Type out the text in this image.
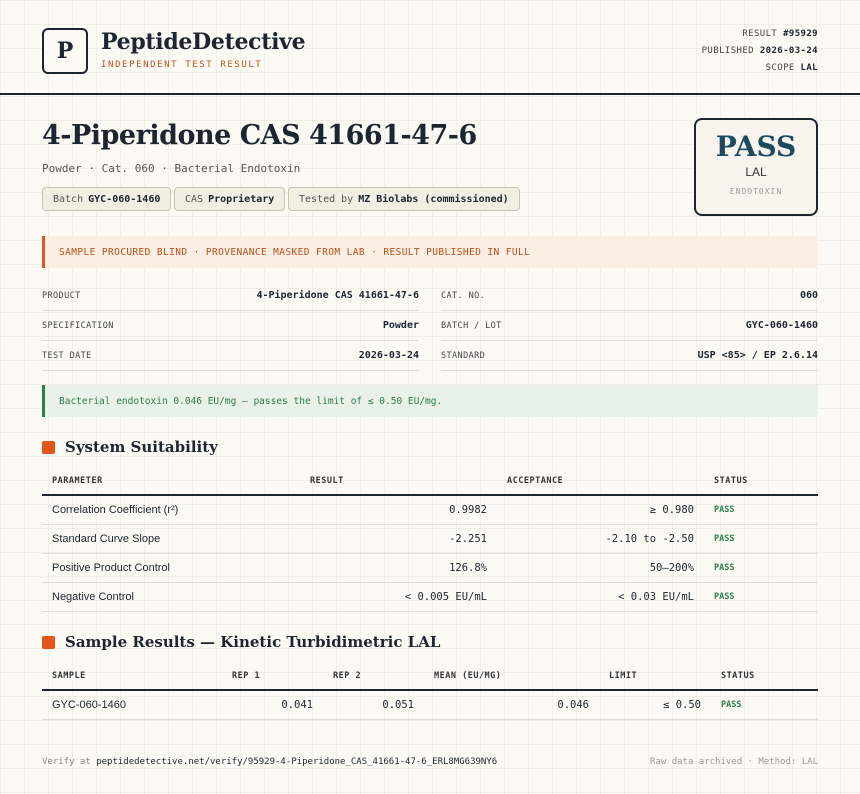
P PeptideDetective
INDEPENDENT TEST RESULT
RESULT #95929
PUBLISHED 2026-03-24
SCOPE LAL
4-Piperidone CAS 41661-47-6
Powder · Cat. 060 · Bacterial Endotoxin
Batch GYC-060-1460 CAS Proprietary Tested by MZ Biolabs (commissioned)
PASS
LAL
ENDOTOXIN
SAMPLE PROCURED BLIND · PROVENANCE MASKED FROM LAB · RESULT PUBLISHED IN FULL
PRODUCT	4-Piperidone CAS 41661-47-6
SPECIFICATION	Powder
TEST DATE	2026-03-24
CAT. NO.	060
BATCH / LOT	GYC-060-1460
STANDARD	USP <85> / EP 2.6.14
Bacterial endotoxin 0.046 EU/mg — passes the limit of ≤ 0.50 EU/mg.
System Suitability
PARAMETER	RESULT	ACCEPTANCE	STATUS
Correlation Coefficient (r²)	0.9982	≥ 0.980	PASS
Standard Curve Slope	-2.251	-2.10 to -2.50	PASS
Positive Product Control	126.8%	50–200%	PASS
Negative Control	< 0.005 EU/mL	< 0.03 EU/mL	PASS
Sample Results — Kinetic Turbidimetric LAL
SAMPLE	REP 1	REP 2	MEAN (EU/MG)	LIMIT	STATUS
GYC-060-1460	0.041	0.051	0.046	≤ 0.50	PASS
Verify at peptidedetective.net/verify/95929-4-Piperidone_CAS_41661-47-6_ERL8MG639NY6	Raw data archived · Method: LAL
